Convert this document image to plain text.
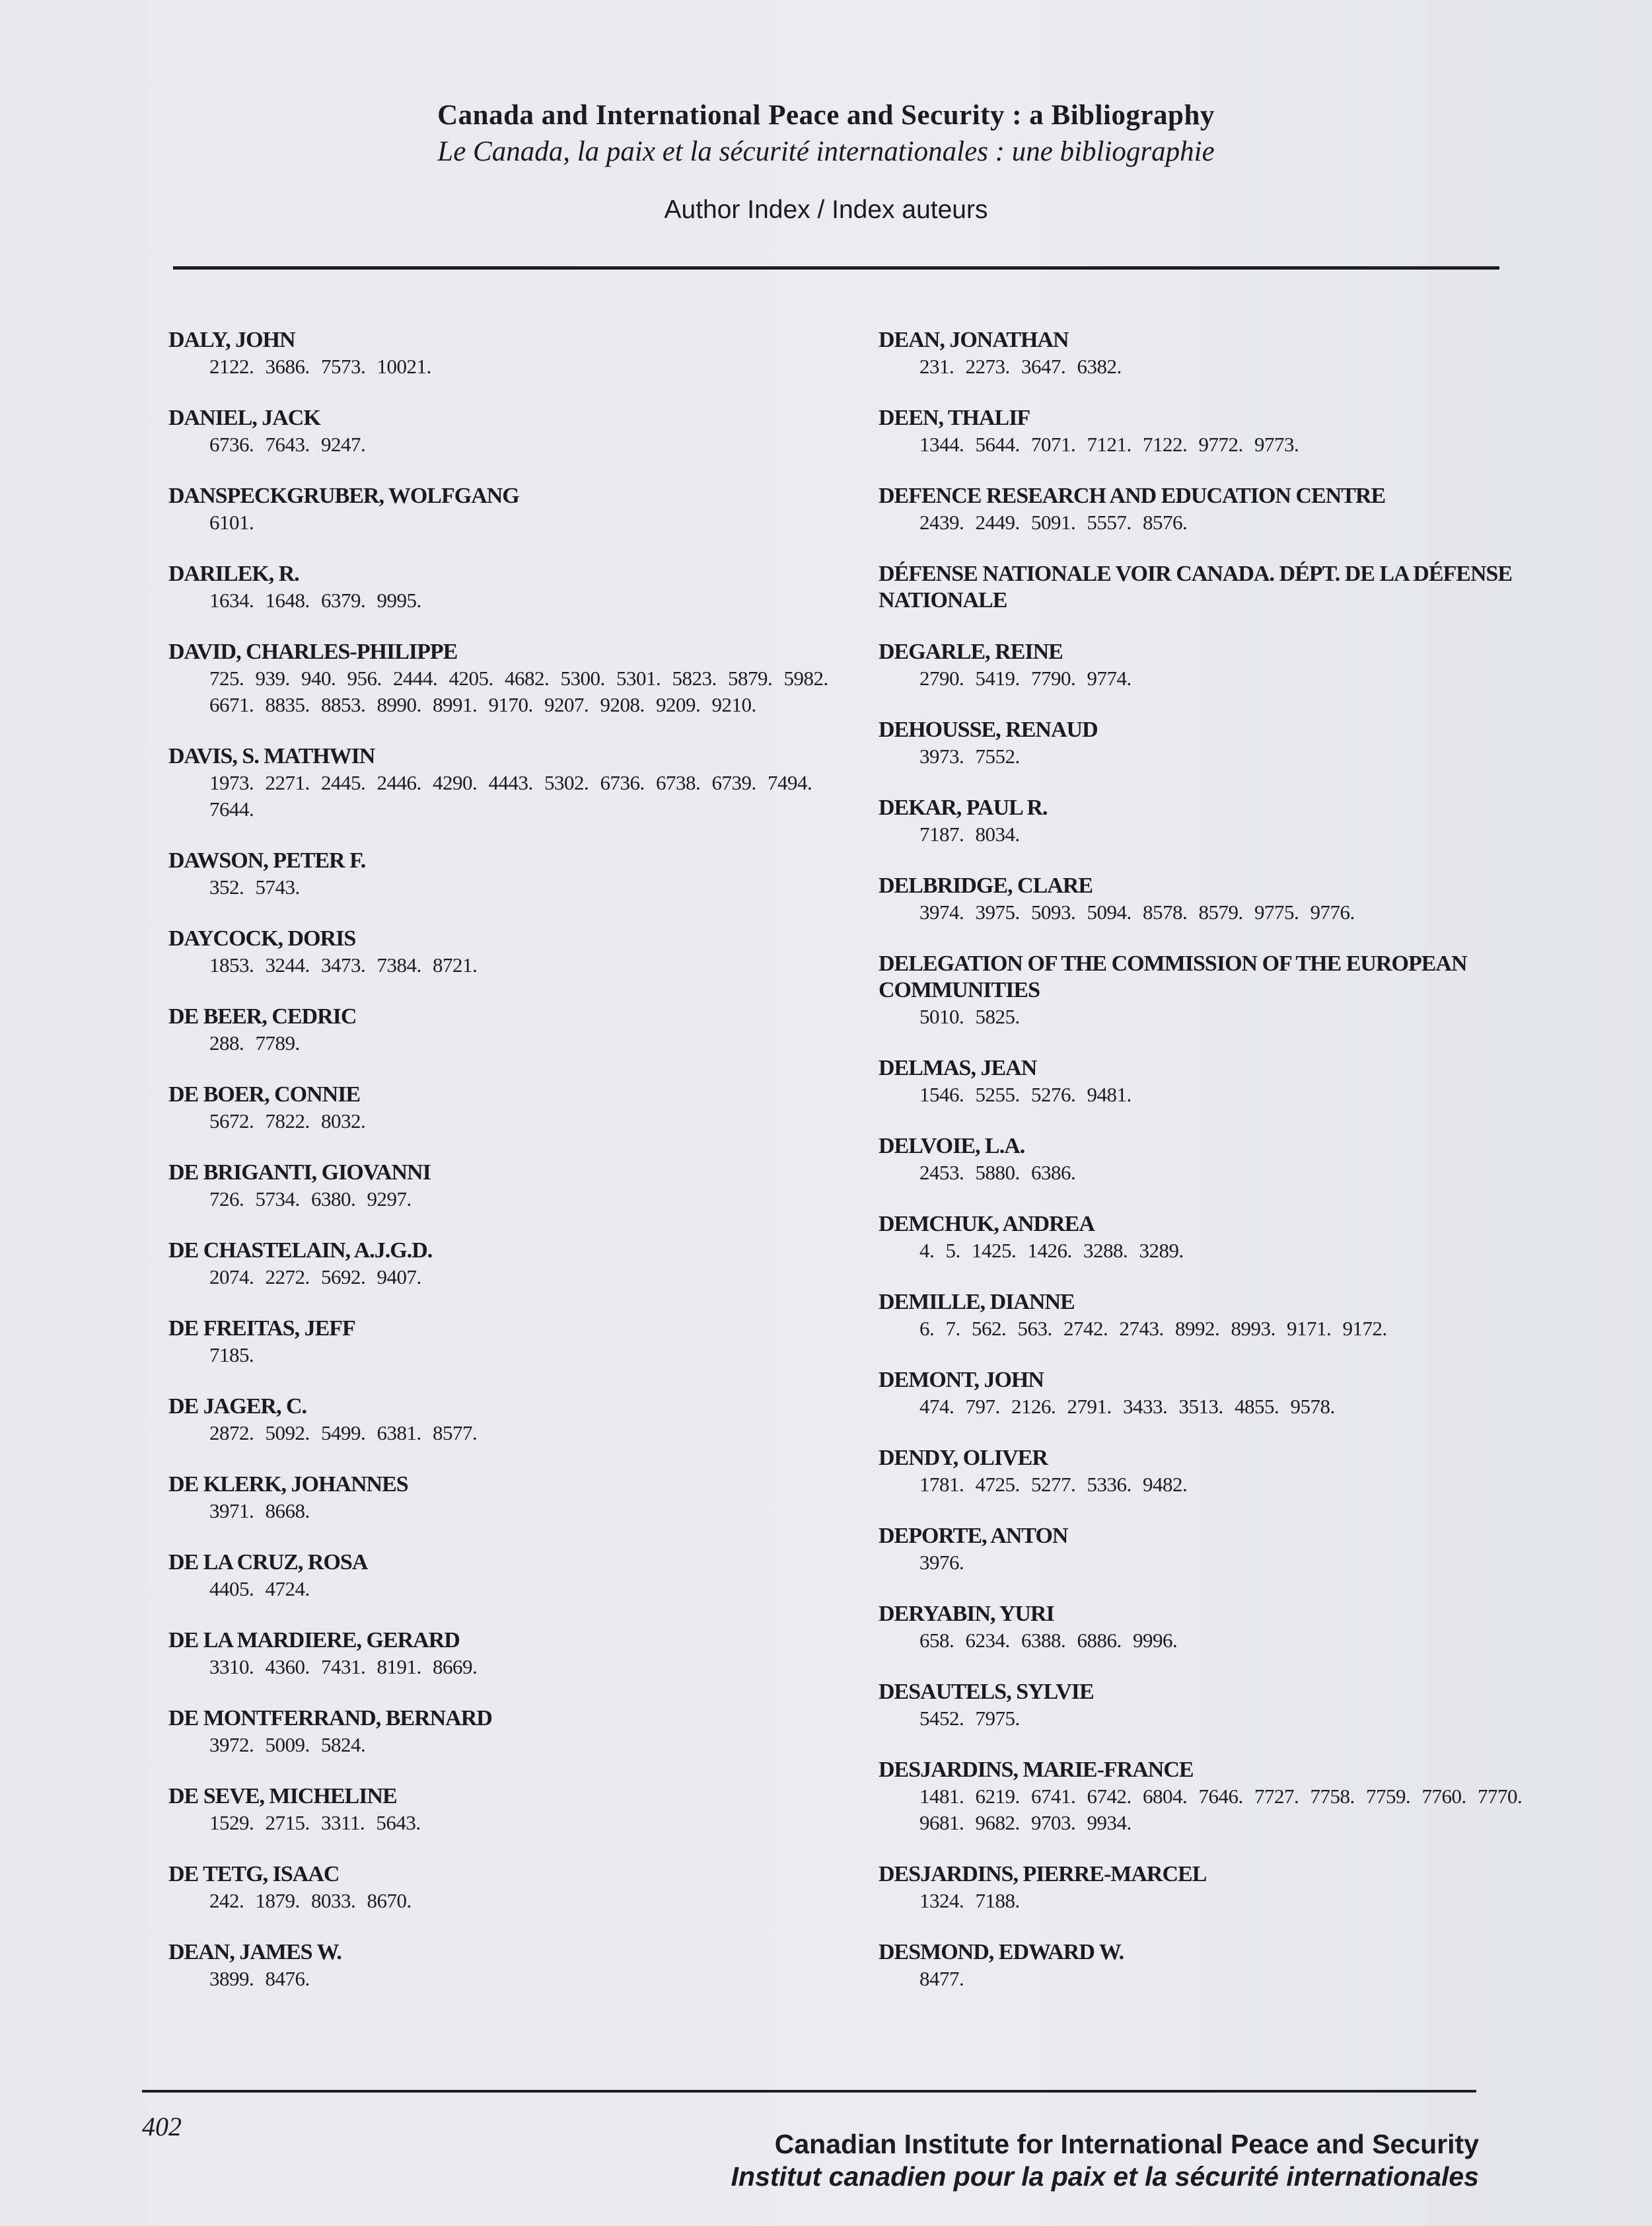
Canada and International Peace and Security : a Bibliography
Le Canada, la paix et la sécurité internationales : une bibliographie
Author Index / Index auteurs
DALY, JOHN
2122. 3686. 7573. 10021.
DANIEL, JACK
6736. 7643. 9247.
DANSPECKGRUBER, WOLFGANG
6101.
DARILEK, R.
1634. 1648. 6379. 9995.
DAVID, CHARLES-PHILIPPE
725. 939. 940. 956. 2444. 4205. 4682. 5300. 5301. 5823. 5879. 5982. 6671. 8835. 8853. 8990. 8991. 9170. 9207. 9208. 9209. 9210.
DAVIS, S. MATHWIN
1973. 2271. 2445. 2446. 4290. 4443. 5302. 6736. 6738. 6739. 7494. 7644.
DAWSON, PETER F.
352. 5743.
DAYCOCK, DORIS
1853. 3244. 3473. 7384. 8721.
DE BEER, CEDRIC
288. 7789.
DE BOER, CONNIE
5672. 7822. 8032.
DE BRIGANTI, GIOVANNI
726. 5734. 6380. 9297.
DE CHASTELAIN, A.J.G.D.
2074. 2272. 5692. 9407.
DE FREITAS, JEFF
7185.
DE JAGER, C.
2872. 5092. 5499. 6381. 8577.
DE KLERK, JOHANNES
3971. 8668.
DE LA CRUZ, ROSA
4405. 4724.
DE LA MARDIERE, GERARD
3310. 4360. 7431. 8191. 8669.
DE MONTFERRAND, BERNARD
3972. 5009. 5824.
DE SEVE, MICHELINE
1529. 2715. 3311. 5643.
DE TETG, ISAAC
242. 1879. 8033. 8670.
DEAN, JAMES W.
3899. 8476.
DEAN, JONATHAN
231. 2273. 3647. 6382.
DEEN, THALIF
1344. 5644. 7071. 7121. 7122. 9772. 9773.
DEFENCE RESEARCH AND EDUCATION CENTRE
2439. 2449. 5091. 5557. 8576.
DÉFENSE NATIONALE VOIR CANADA. DÉPT. DE LA DÉFENSE NATIONALE
DEGARLE, REINE
2790. 5419. 7790. 9774.
DEHOUSSE, RENAUD
3973. 7552.
DEKAR, PAUL R.
7187. 8034.
DELBRIDGE, CLARE
3974. 3975. 5093. 5094. 8578. 8579. 9775. 9776.
DELEGATION OF THE COMMISSION OF THE EUROPEAN COMMUNITIES
5010. 5825.
DELMAS, JEAN
1546. 5255. 5276. 9481.
DELVOIE, L.A.
2453. 5880. 6386.
DEMCHUK, ANDREA
4. 5. 1425. 1426. 3288. 3289.
DEMILLE, DIANNE
6. 7. 562. 563. 2742. 2743. 8992. 8993. 9171. 9172.
DEMONT, JOHN
474. 797. 2126. 2791. 3433. 3513. 4855. 9578.
DENDY, OLIVER
1781. 4725. 5277. 5336. 9482.
DEPORTE, ANTON
3976.
DERYABIN, YURI
658. 6234. 6388. 6886. 9996.
DESAUTELS, SYLVIE
5452. 7975.
DESJARDINS, MARIE-FRANCE
1481. 6219. 6741. 6742. 6804. 7646. 7727. 7758. 7759. 7760. 7770. 9681. 9682. 9703. 9934.
DESJARDINS, PIERRE-MARCEL
1324. 7188.
DESMOND, EDWARD W.
8477.
402
Canadian Institute for International Peace and Security
Institut canadien pour la paix et la sécurité internationales
